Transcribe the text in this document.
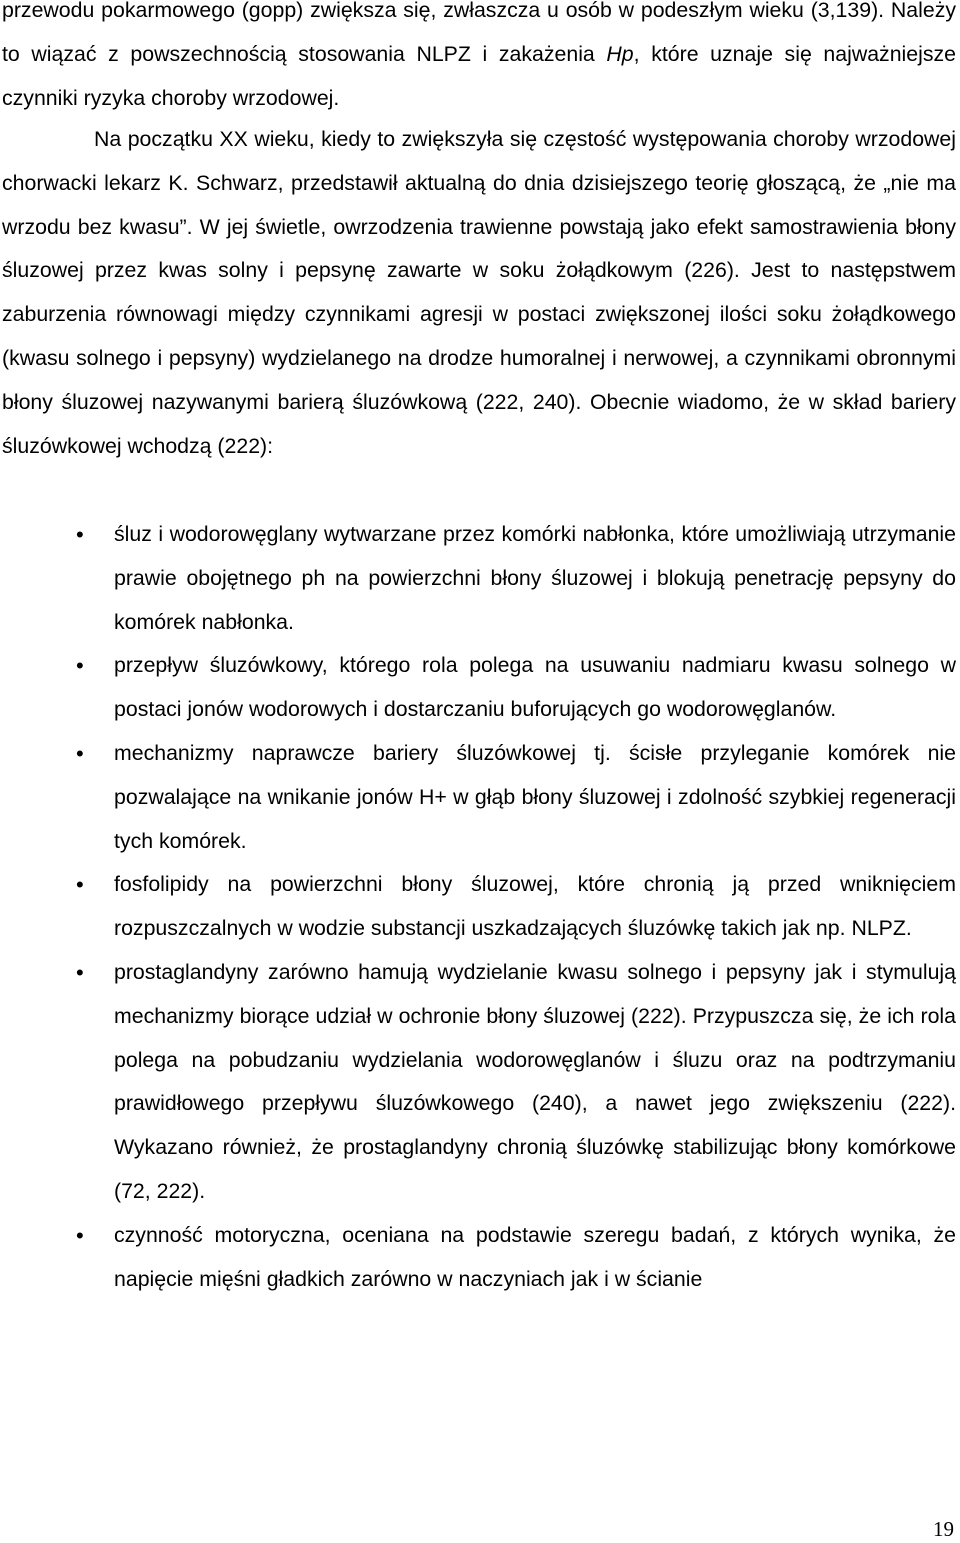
przewodu pokarmowego (gopp) zwiększa się, zwłaszcza u osób w podeszłym wieku (3,139). Należy to wiązać z powszechnością stosowania NLPZ i zakażenia Hp, które uznaje się najważniejsze czynniki ryzyka choroby wrzodowej.

Na początku XX wieku, kiedy to zwiększyła się częstość występowania choroby wrzodowej chorwacki lekarz K. Schwarz, przedstawił aktualną do dnia dzisiejszego teorię głoszącą, że „nie ma wrzodu bez kwasu”. W jej świetle, owrzodzenia trawienne powstają jako efekt samostrawienia błony śluzowej przez kwas solny i pepsynę zawarte w soku żołądkowym (226). Jest to następstwem zaburzenia równowagi między czynnikami agresji w postaci zwiększonej ilości soku żołądkowego (kwasu solnego i pepsyny) wydzielanego na drodze humoralnej i nerwowej, a czynnikami obronnymi błony śluzowej nazywanymi barierą śluzówkową (222, 240). Obecnie wiadomo, że w skład bariery śluzówkowej wchodzą (222):

• śluz i wodorowęglany wytwarzane przez komórki nabłonka, które umożliwiają utrzymanie prawie obojętnego ph na powierzchni błony śluzowej i blokują penetrację pepsyny do komórek nabłonka.
• przepływ śluzówkowy, którego rola polega na usuwaniu nadmiaru kwasu solnego w postaci jonów wodorowych i dostarczaniu buforujących go wodorowęglanów.
• mechanizmy naprawcze bariery śluzówkowej tj. ścisłe przyleganie komórek nie pozwalające na wnikanie jonów H+ w głąb błony śluzowej i zdolność szybkiej regeneracji tych komórek.
• fosfolipidy na powierzchni błony śluzowej, które chronią ją przed wniknięciem rozpuszczalnych w wodzie substancji uszkadzających śluzówkę takich jak np. NLPZ.
• prostaglandyny zarówno hamują wydzielanie kwasu solnego i pepsyny jak i stymulują mechanizmy biorące udział w ochronie błony śluzowej (222). Przypuszcza się, że ich rola polega na pobudzaniu wydzielania wodorowęglanów i śluzu oraz na podtrzymaniu prawidłowego przepływu śluzówkowego (240), a nawet jego zwiększeniu (222). Wykazano również, że prostaglandyny chronią śluzówkę stabilizując błony komórkowe (72, 222).
• czynność motoryczna, oceniana na podstawie szeregu badań, z których wynika, że napięcie mięśni gładkich zarówno w naczyniach jak i w ścianie
19
